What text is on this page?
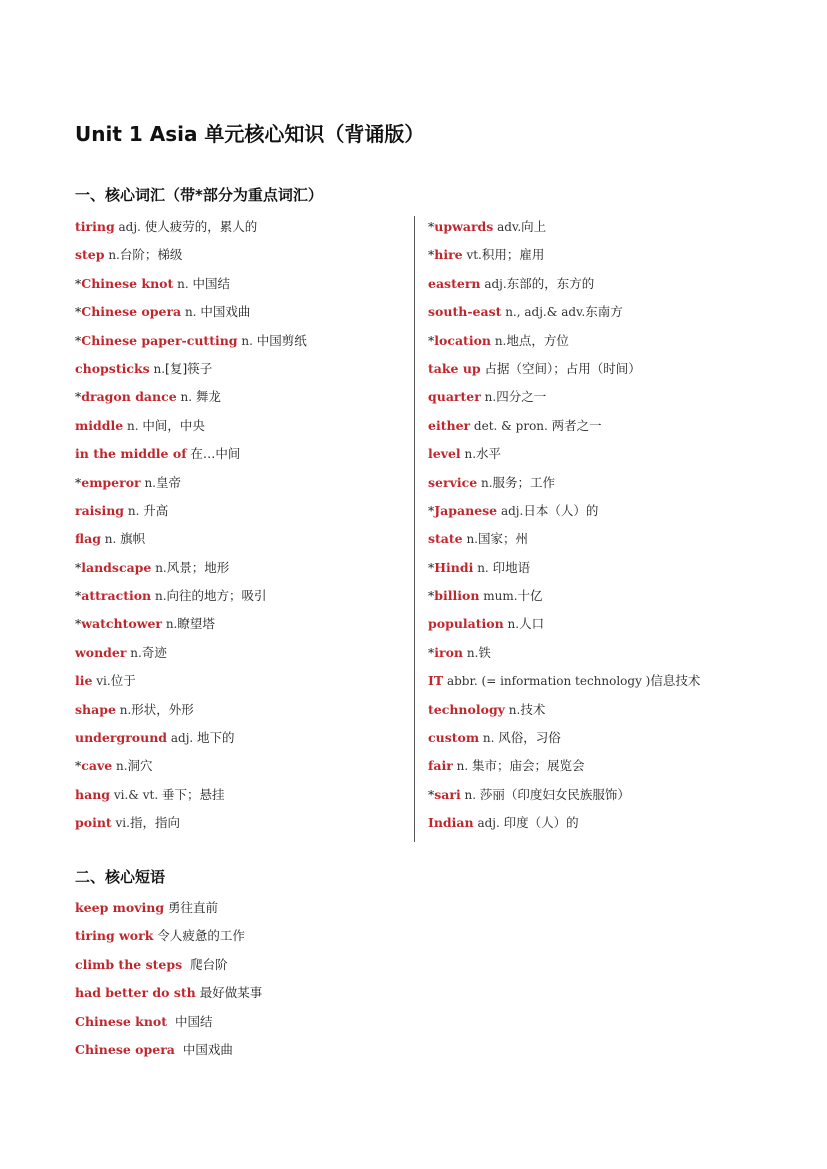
Unit 1 Asia 单元核心知识（背诵版）
一、核心词汇（带*部分为重点词汇）
tiring adj. 使人疲劳的，累人的
step n.台阶；梯级
*Chinese knot n. 中国结
*Chinese opera n. 中国戏曲
*Chinese paper-cutting n. 中国剪纸
chopsticks n.[复]筷子
*dragon dance n. 舞龙
middle n. 中间，中央
in the middle of 在…中间
*emperor n.皇帝
raising n. 升高
flag n. 旗帜
*landscape n.风景；地形
*attraction n.向往的地方；吸引
*watchtower n.瞭望塔
wonder n.奇迹
lie vi.位于
shape n.形状，外形
underground adj. 地下的
*cave n.洞穴
hang vi.& vt. 垂下；悬挂
point vi.指，指向
*upwards adv.向上
*hire vt.积用；雇用
eastern adj.东部的，东方的
south-east n., adj.& adv.东南方
*location n.地点，方位
take up 占据（空间）；占用（时间）
quarter n.四分之一
either det. & pron. 两者之一
level n.水平
service n.服务；工作
*Japanese adj.日本（人）的
state n.国家；州
*Hindi n. 印地语
*billion mum.十亿
population n.人口
*iron n.铁
IT abbr. (= information technology )信息技术
technology n.技术
custom n. 风俗，习俗
fair n. 集市；庙会；展览会
*sari n. 莎丽（印度妇女民族服饰）
Indian adj. 印度（人）的
二、核心短语
keep moving 勇往直前
tiring work 令人疲惫的工作
climb the steps  爬台阶
had better do sth 最好做某事
Chinese knot  中国结
Chinese opera  中国戏曲
